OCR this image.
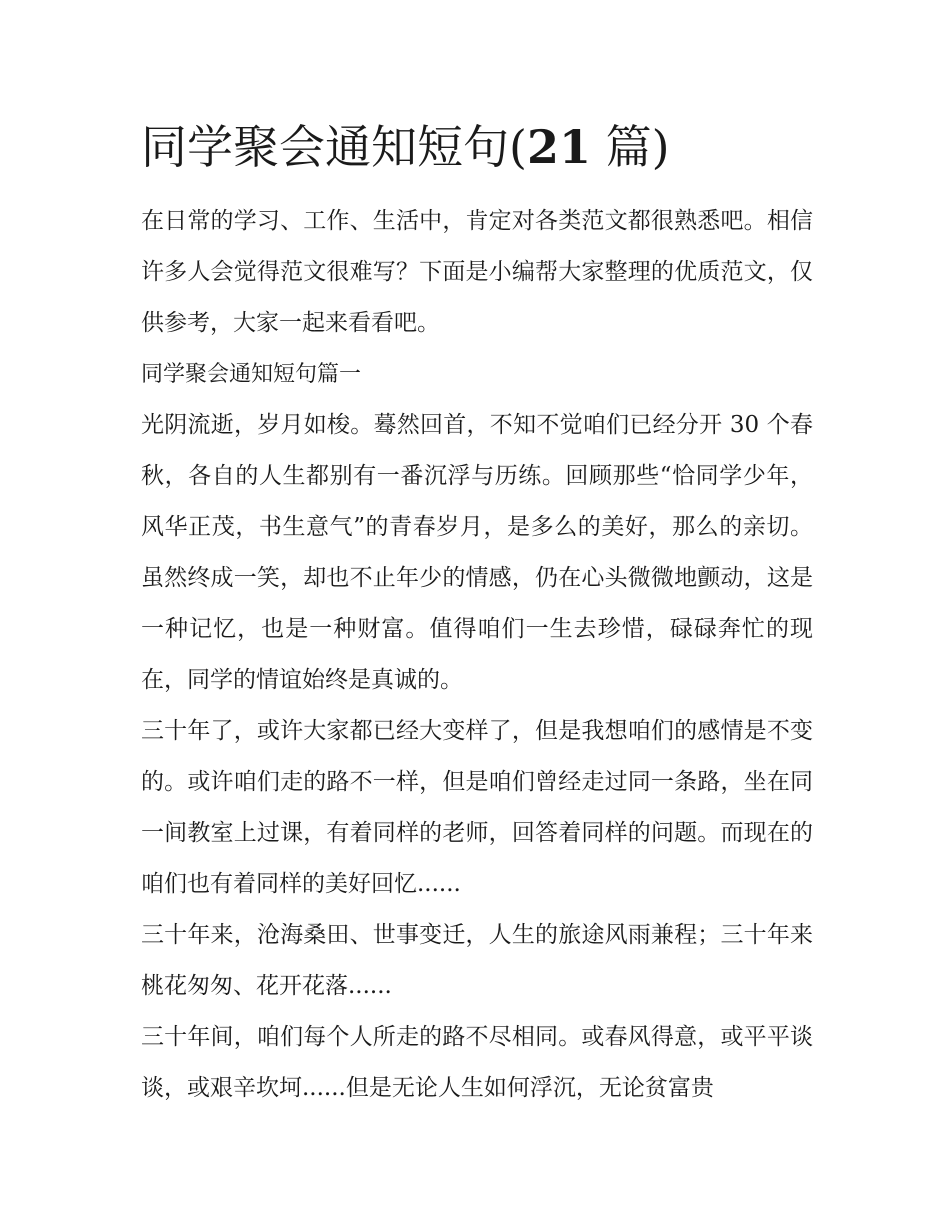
同学聚会通知短句(21 篇)

在日常的学习、工作、生活中，肯定对各类范文都很熟悉吧。相信许多人会觉得范文很难写？下面是小编帮大家整理的优质范文，仅供参考，大家一起来看看吧。

同学聚会通知短句篇一

光阴流逝，岁月如梭。蓦然回首，不知不觉咱们已经分开 30 个春秋，各自的人生都别有一番沉浮与历练。回顾那些“恰同学少年，风华正茂，书生意气”的青春岁月，是多么的美好，那么的亲切。虽然终成一笑，却也不止年少的情感，仍在心头微微地颤动，这是一种记忆，也是一种财富。值得咱们一生去珍惜，碌碌奔忙的现在，同学的情谊始终是真诚的。

三十年了，或许大家都已经大变样了，但是我想咱们的感情是不变的。或许咱们走的路不一样，但是咱们曾经走过同一条路，坐在同一间教室上过课，有着同样的老师，回答着同样的问题。而现在的咱们也有着同样的美好回忆......

三十年来，沧海桑田、世事变迁，人生的旅途风雨兼程；三十年来桃花匆匆、花开花落......

三十年间，咱们每个人所走的路不尽相同。或春风得意，或平平谈谈，或艰辛坎坷......但是无论人生如何浮沉，无论贫富贵
